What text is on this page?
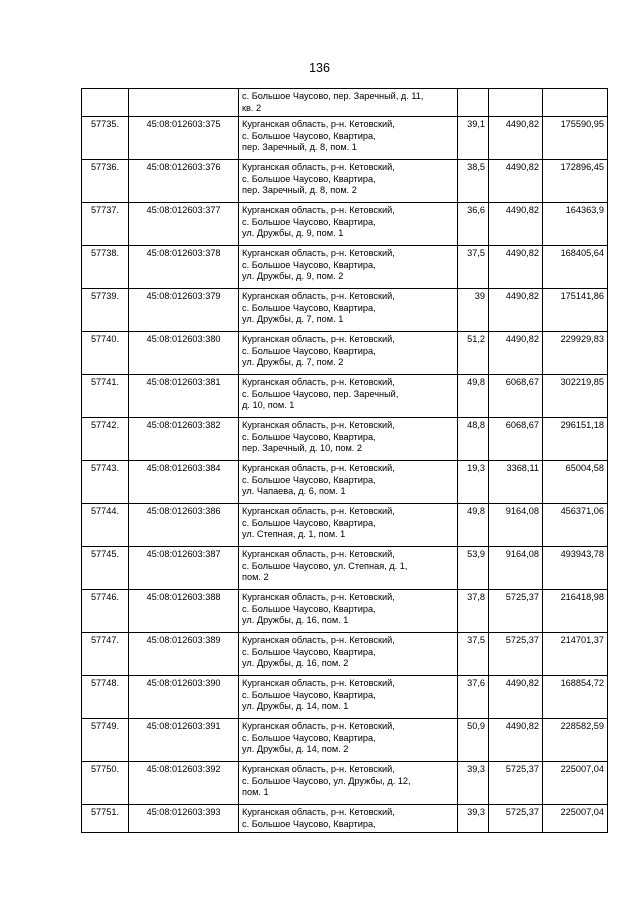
136

		с. Большое Чаусово, пер. Заречный, д. 11,
кв. 2			

57735.	45:08:012603:375	Курганская область, р-н. Кетовский,
с. Большое Чаусово, Квартира,
пер. Заречный, д. 8, пом. 1	39,1	4490,82	175590,95
57736.	45:08:012603:376	Курганская область, р-н. Кетовский,
с. Большое Чаусово, Квартира,
пер. Заречный, д. 8, пом. 2	38,5	4490,82	172896,45
57737.	45:08:012603:377	Курганская область, р-н. Кетовский,
с. Большое Чаусово, Квартира,
ул. Дружбы, д. 9, пом. 1	36,6	4490,82	164363,9
57738.	45:08:012603:378	Курганская область, р-н. Кетовский,
с. Большое Чаусово, Квартира,
ул. Дружбы, д. 9, пом. 2	37,5	4490,82	168405,64
57739.	45:08:012603:379	Курганская область, р-н. Кетовский,
с. Большое Чаусово, Квартира,
ул. Дружбы, д. 7, пом. 1	39	4490,82	175141,86
57740.	45:08:012603:380	Курганская область, р-н. Кетовский,
с. Большое Чаусово, Квартира,
ул. Дружбы, д. 7, пом. 2	51,2	4490,82	229929,83
57741.	45:08:012603:381	Курганская область, р-н. Кетовский,
с. Большое Чаусово, пер. Заречный,
д. 10, пом. 1	49,8	6068,67	302219,85
57742.	45:08:012603:382	Курганская область, р-н. Кетовский,
с. Большое Чаусово, Квартира,
пер. Заречный, д. 10, пом. 2	48,8	6068,67	296151,18
57743.	45:08:012603:384	Курганская область, р-н. Кетовский,
с. Большое Чаусово, Квартира,
ул. Чапаева, д. 6, пом. 1	19,3	3368,11	65004,58
57744.	45:08:012603:386	Курганская область, р-н. Кетовский,
с. Большое Чаусово, Квартира,
ул. Степная, д. 1, пом. 1	49,8	9164,08	456371,06
57745.	45:08:012603:387	Курганская область, р-н. Кетовский,
с. Большое Чаусово, ул. Степная, д. 1,
пом. 2	53,9	9164,08	493943,78
57746.	45:08:012603:388	Курганская область, р-н. Кетовский,
с. Большое Чаусово, Квартира,
ул. Дружбы, д. 16, пом. 1	37,8	5725,37	216418,98
57747.	45:08:012603:389	Курганская область, р-н. Кетовский,
с. Большое Чаусово, Квартира,
ул. Дружбы, д. 16, пом. 2	37,5	5725,37	214701,37
57748.	45:08:012603:390	Курганская область, р-н. Кетовский,
с. Большое Чаусово, Квартира,
ул. Дружбы, д. 14, пом. 1	37,6	4490,82	168854,72
57749.	45:08:012603:391	Курганская область, р-н. Кетовский,
с. Большое Чаусово, Квартира,
ул. Дружбы, д. 14, пом. 2	50,9	4490,82	228582,59
57750.	45:08:012603:392	Курганская область, р-н. Кетовский,
с. Большое Чаусово, ул. Дружбы, д. 12,
пом. 1	39,3	5725,37	225007,04
57751.	45:08:012603:393	Курганская область, р-н. Кетовский,
с. Большое Чаусово, Квартира,	39,3	5725,37	225007,04
